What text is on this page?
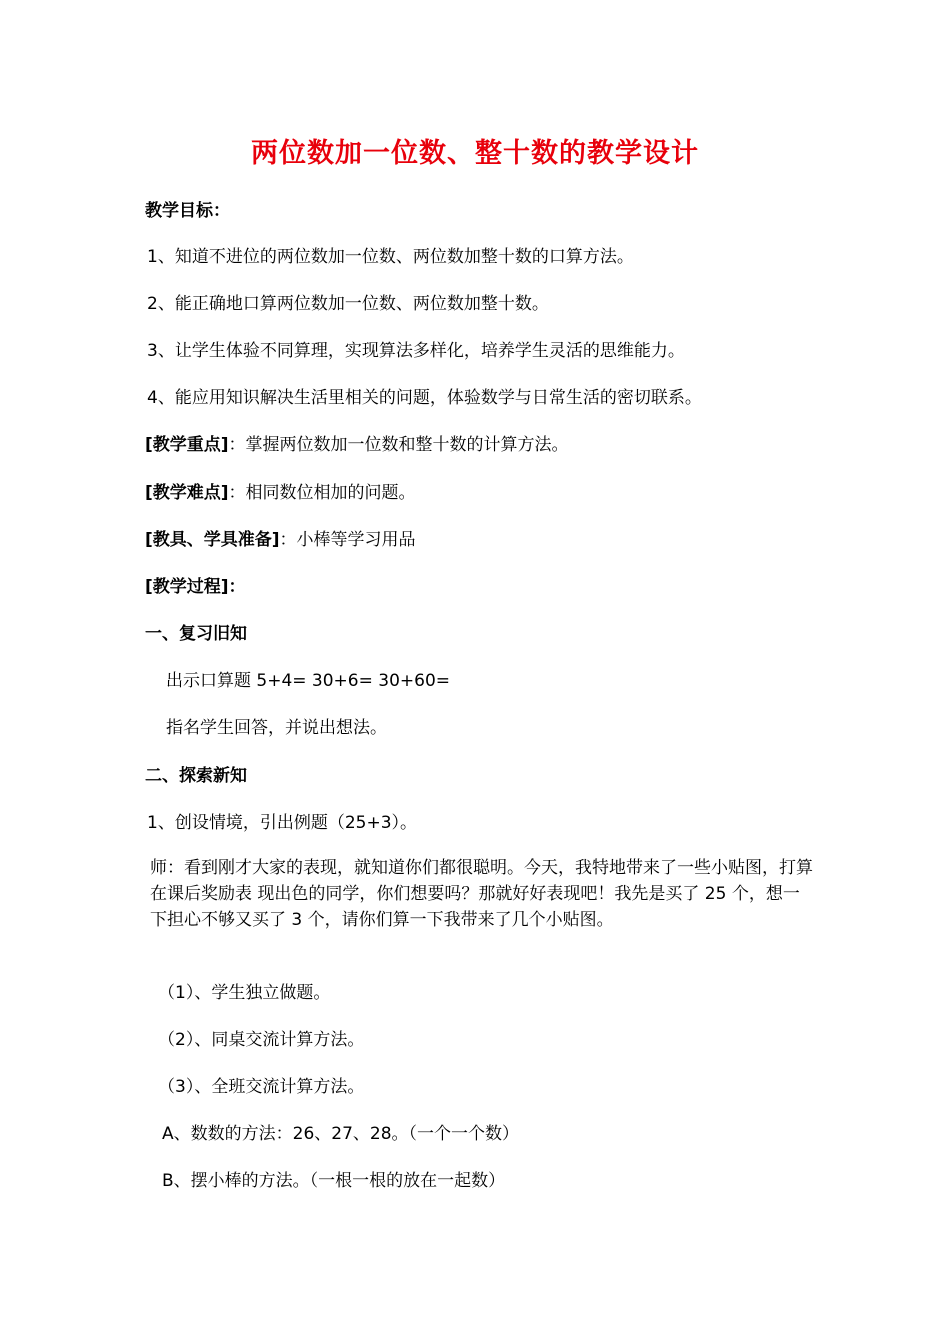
两位数加一位数、整十数的教学设计
教学目标：
1、知道不进位的两位数加一位数、两位数加整十数的口算方法。
2、能正确地口算两位数加一位数、两位数加整十数。
3、让学生体验不同算理，实现算法多样化，培养学生灵活的思维能力。
4、能应用知识解决生活里相关的问题，体验数学与日常生活的密切联系。
[教学重点]：掌握两位数加一位数和整十数的计算方法。
[教学难点]：相同数位相加的问题。
[教具、学具准备]：小棒等学习用品
[教学过程]：
一、复习旧知
出示口算题 5+4= 30+6= 30+60=
指名学生回答，并说出想法。
二、探索新知
1、创设情境，引出例题（25+3）。
师：看到刚才大家的表现，就知道你们都很聪明。今天，我特地带来了一些小贴图，打算在课后奖励表 现出色的同学，你们想要吗？那就好好表现吧！我先是买了 25 个，想一下担心不够又买了 3 个，请你们算一下我带来了几个小贴图。
（1）、学生独立做题。
（2）、同桌交流计算方法。
（3）、全班交流计算方法。
A、数数的方法：26、27、28。（一个一个数）
B、摆小棒的方法。（一根一根的放在一起数）
